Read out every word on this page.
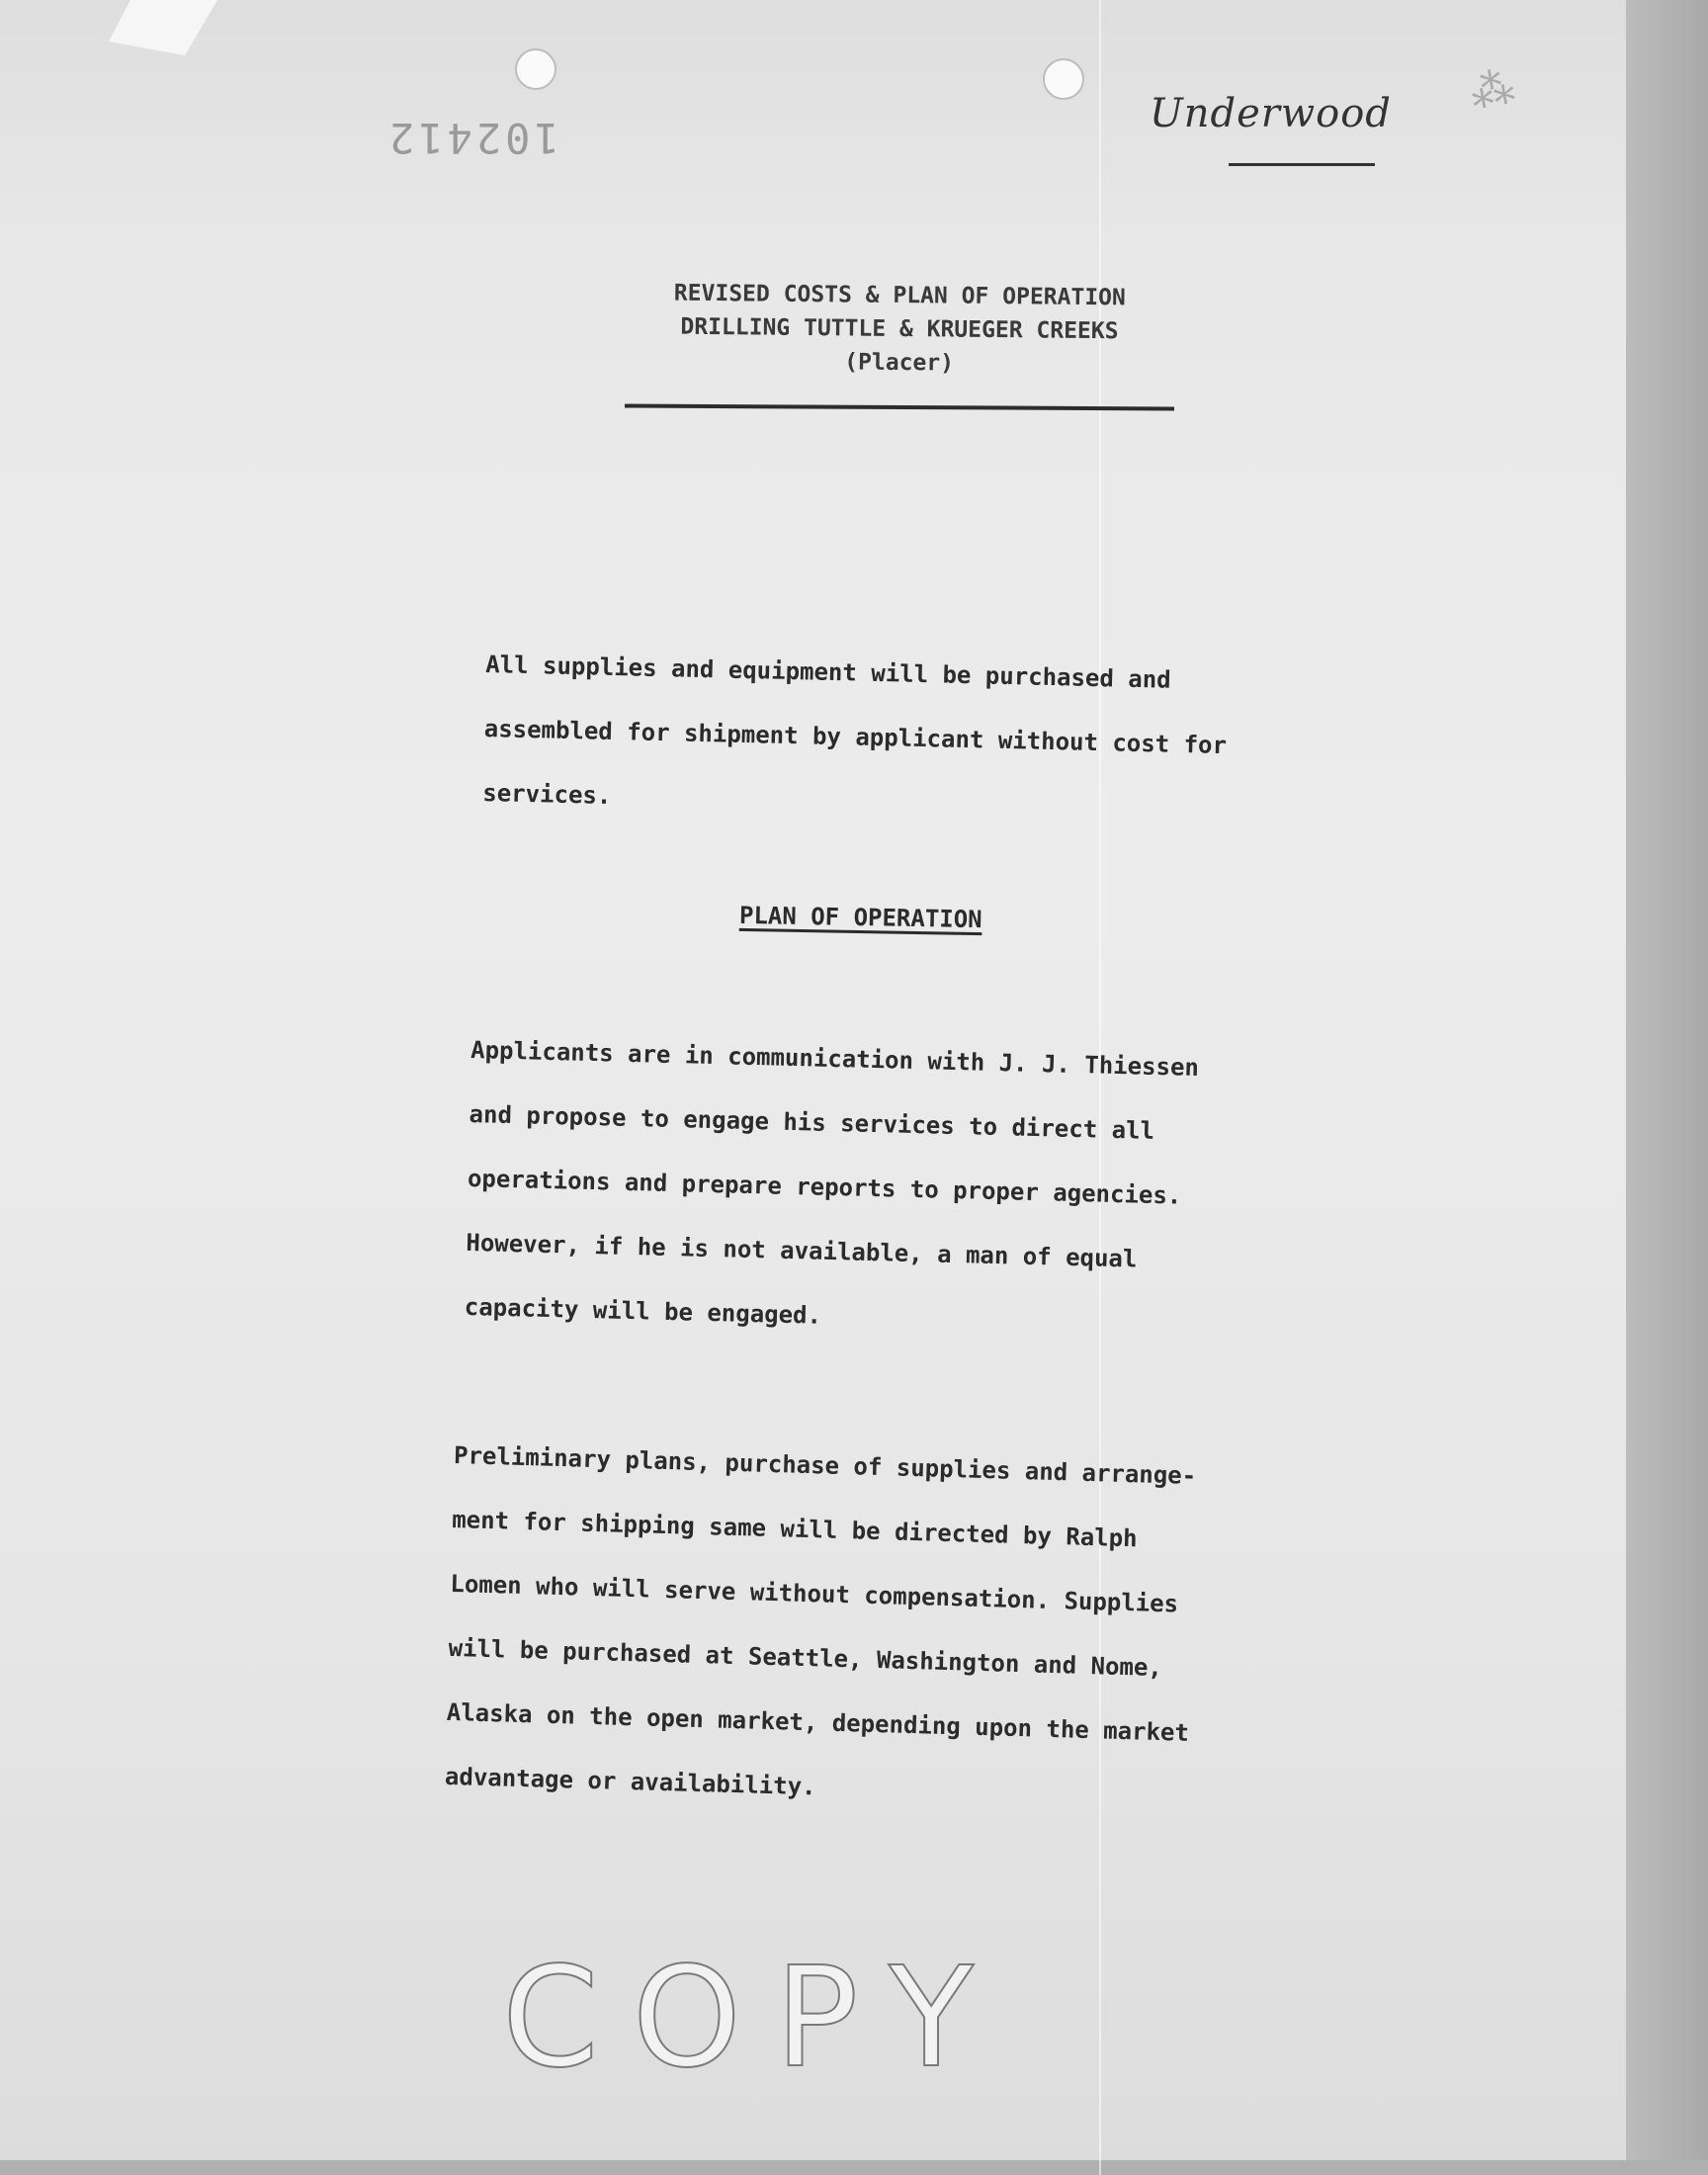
102412	Underwood ⁂
REVISED COSTS & PLAN OF OPERATION
DRILLING TUTTLE & KRUEGER CREEKS
(Placer)
All supplies and equipment will be purchased and
assembled for shipment by applicant without cost for
services.
PLAN OF OPERATION
Applicants are in communication with J. J. Thiessen
and propose to engage his services to direct all
operations and prepare reports to proper agencies.
However, if he is not available, a man of equal
capacity will be engaged.
Preliminary plans, purchase of supplies and arrange-
ment for shipping same will be directed by Ralph
Lomen who will serve without compensation. Supplies
will be purchased at Seattle, Washington and Nome,
Alaska on the open market, depending upon the market
advantage or availability.
COPY
